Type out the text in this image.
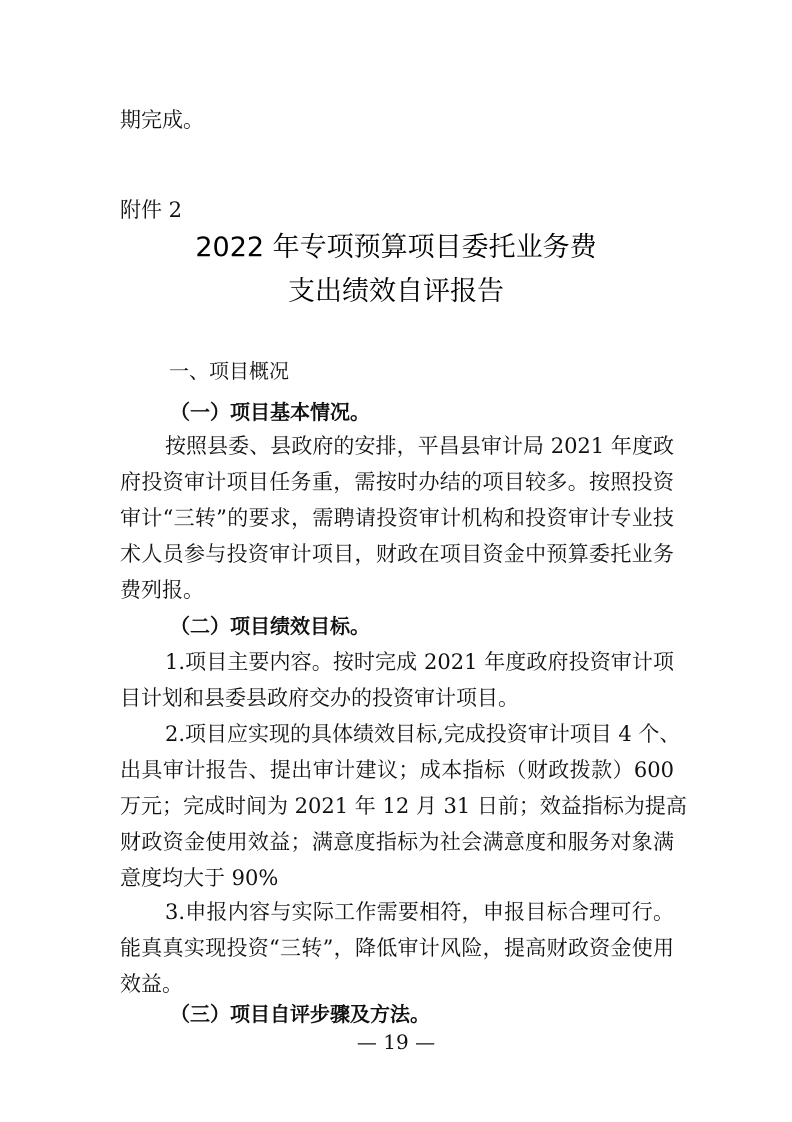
期完成。
附件 2
2022 年专项预算项目委托业务费
支出绩效自评报告
一、项目概况
（一）项目基本情况。
按照县委、县政府的安排，平昌县审计局 2021 年度政
府投资审计项目任务重，需按时办结的项目较多。按照投资
审计“三转”的要求，需聘请投资审计机构和投资审计专业技
术人员参与投资审计项目，财政在项目资金中预算委托业务
费列报。
（二）项目绩效目标。
1.项目主要内容。按时完成 2021 年度政府投资审计项
目计划和县委县政府交办的投资审计项目。
2.项目应实现的具体绩效目标,完成投资审计项目 4 个、
出具审计报告、提出审计建议；成本指标（财政拨款）600
万元；完成时间为 2021 年 12 月 31 日前；效益指标为提高
财政资金使用效益；满意度指标为社会满意度和服务对象满
意度均大于 90%
3.申报内容与实际工作需要相符，申报目标合理可行。
能真真实现投资“三转”，降低审计风险，提高财政资金使用
效益。
（三）项目自评步骤及方法。
— 19 —
